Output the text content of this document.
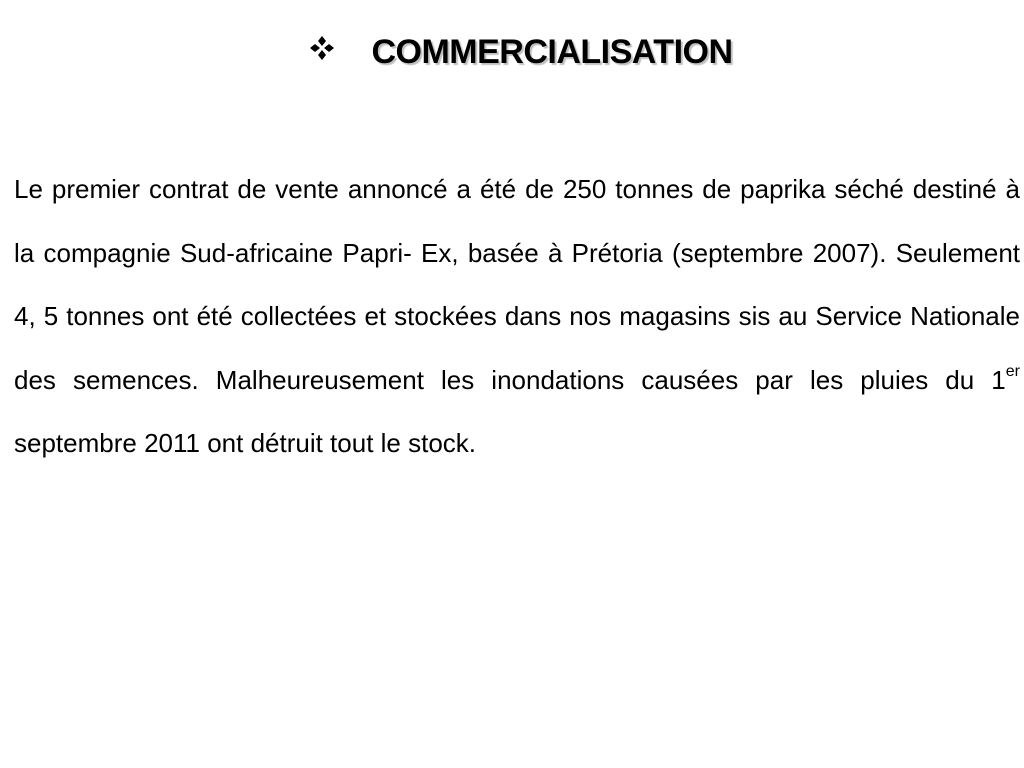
COMMERCIALISATION

Le premier contrat de vente annoncé a été de 250 tonnes de paprika séché destiné à la compagnie Sud-africaine Papri- Ex, basée à Prétoria (septembre 2007). Seulement 4, 5 tonnes ont été collectées et stockées dans nos magasins sis au Service Nationale des semences. Malheureusement les inondations causées par les pluies du 1er septembre 2011 ont détruit tout le stock.
